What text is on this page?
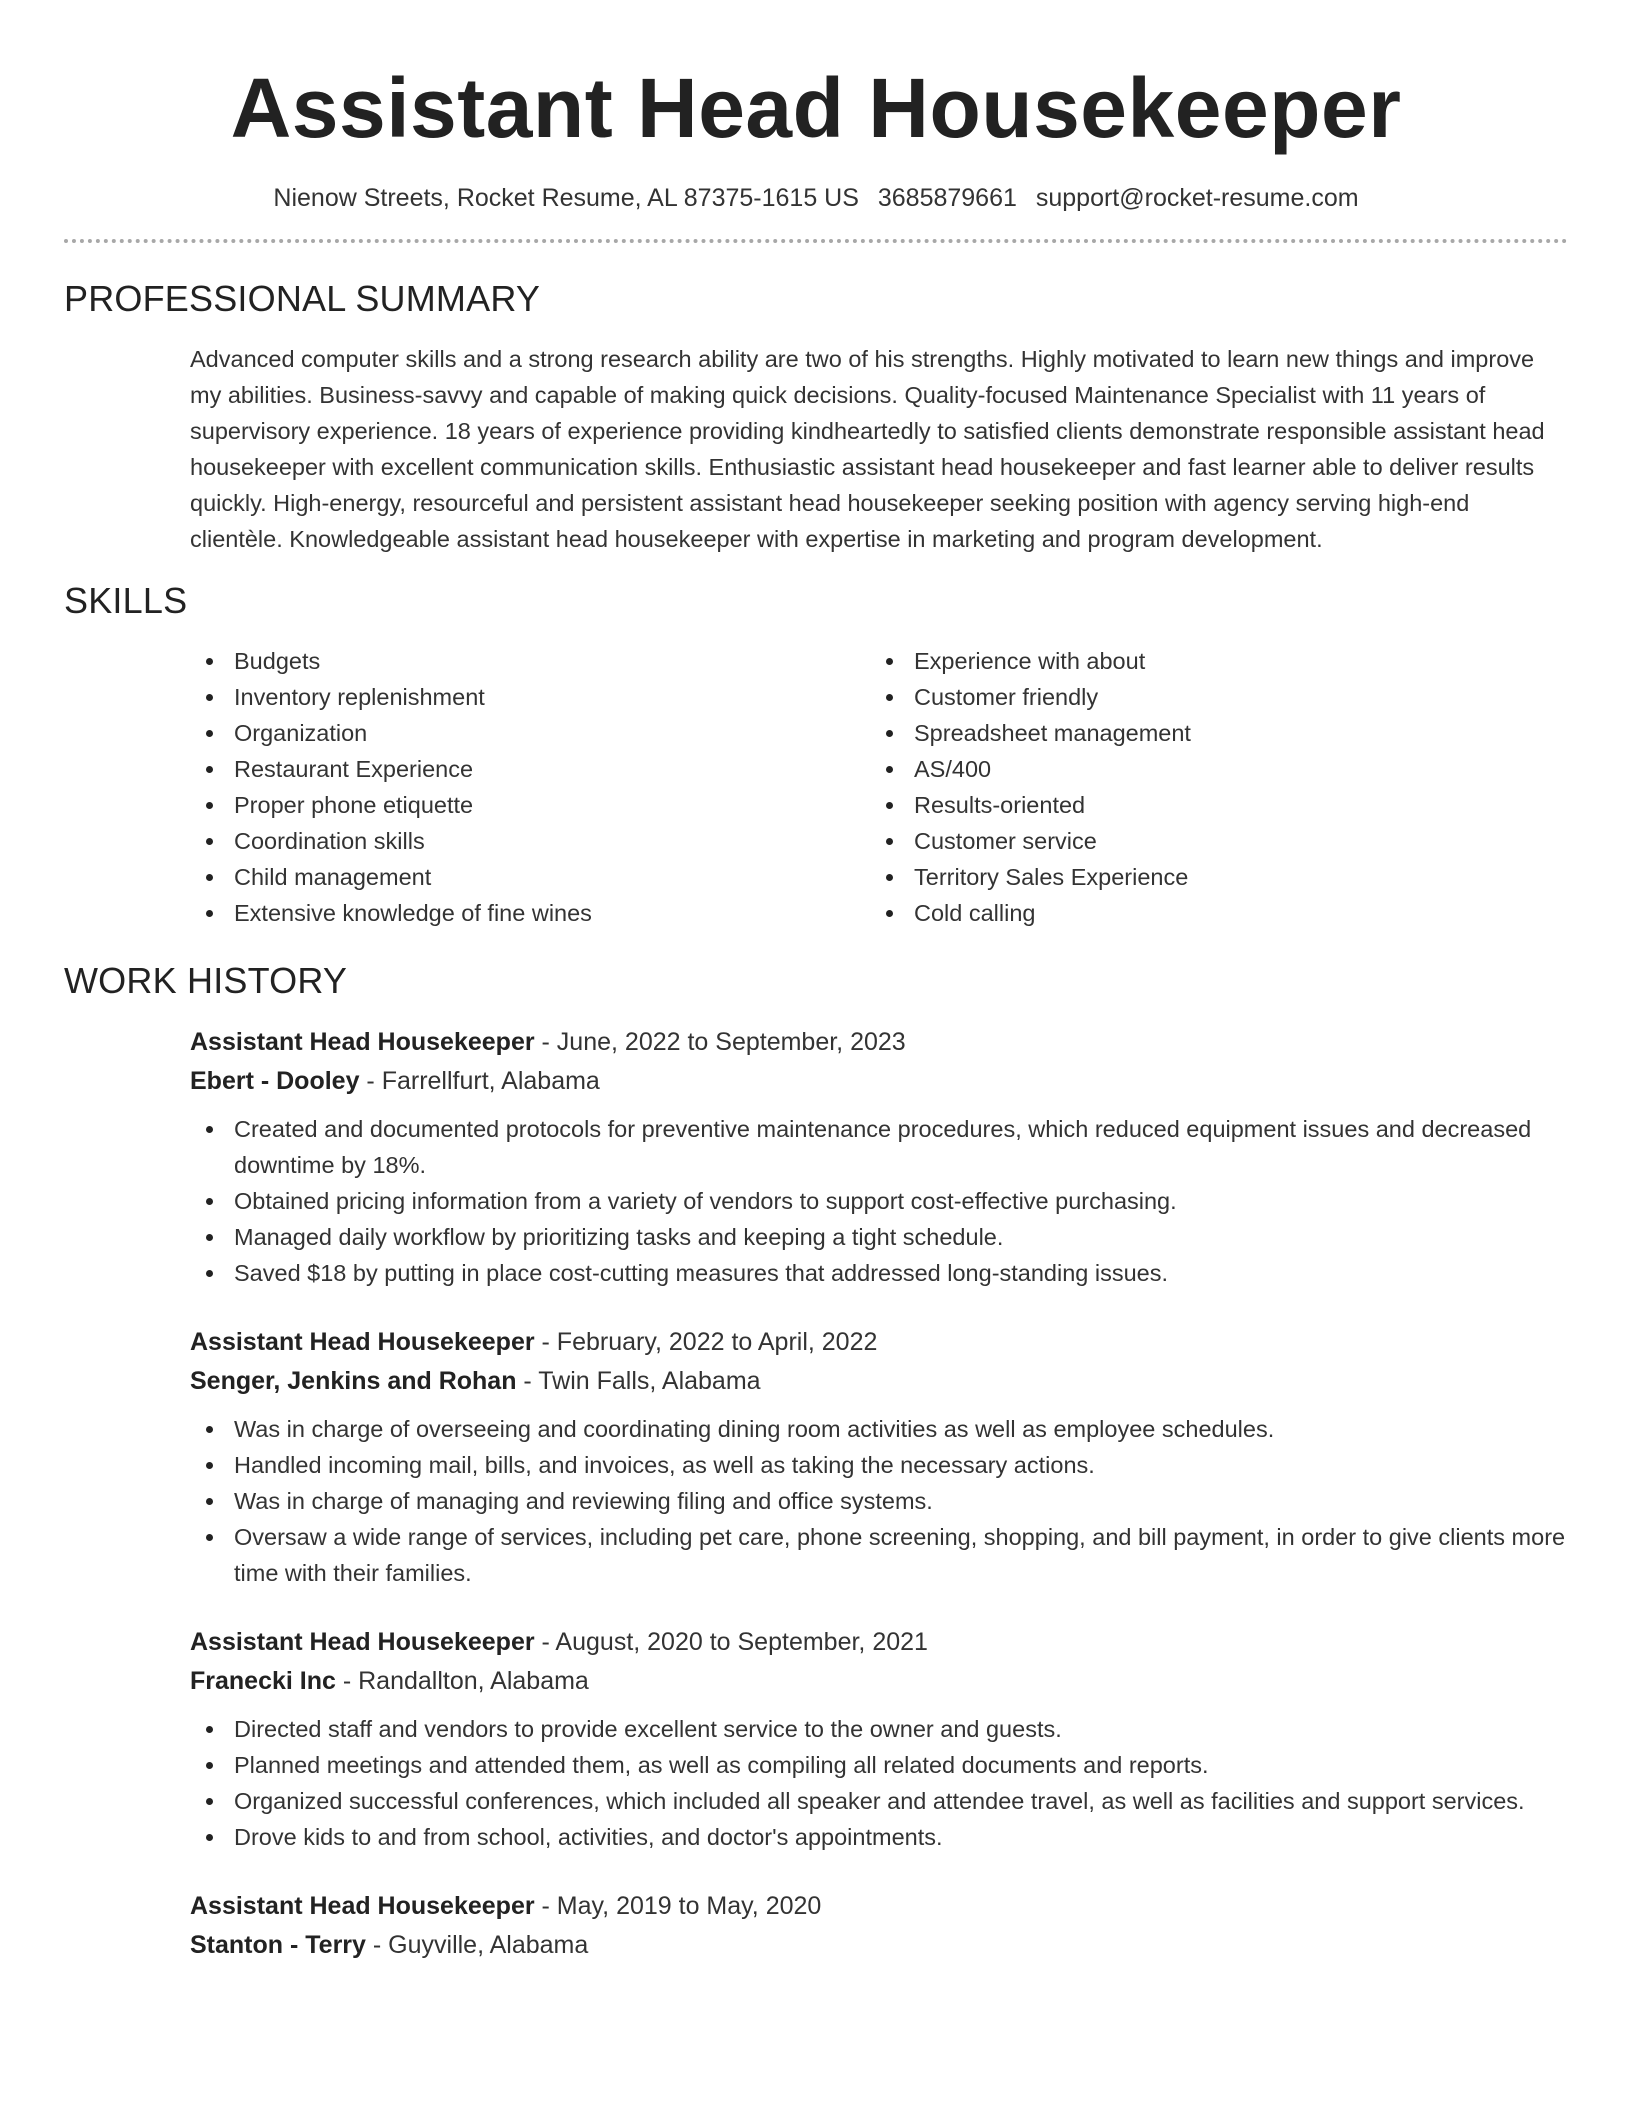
Assistant Head Housekeeper
Nienow Streets, Rocket Resume, AL 87375-1615 US 3685879661 support@rocket-resume.com
PROFESSIONAL SUMMARY

Advanced computer skills and a strong research ability are two of his strengths. Highly motivated to learn new things and improve my abilities. Business-savvy and capable of making quick decisions. Quality-focused Maintenance Specialist with 11 years of supervisory experience. 18 years of experience providing kindheartedly to satisfied clients demonstrate responsible assistant head housekeeper with excellent communication skills. Enthusiastic assistant head housekeeper and fast learner able to deliver results quickly. High-energy, resourceful and persistent assistant head housekeeper seeking position with agency serving high-end clientèle. Knowledgeable assistant head housekeeper with expertise in marketing and program development.

SKILLS
Budgets
Inventory replenishment
Organization
Restaurant Experience
Proper phone etiquette
Coordination skills
Child management
Extensive knowledge of fine wines
Experience with about
Customer friendly
Spreadsheet management
AS/400
Results-oriented
Customer service
Territory Sales Experience
Cold calling
WORK HISTORY
Assistant Head Housekeeper - June, 2022 to September, 2023
Ebert - Dooley - Farrellfurt, Alabama
Created and documented protocols for preventive maintenance procedures, which reduced equipment issues and decreased downtime by 18%.
Obtained pricing information from a variety of vendors to support cost-effective purchasing.
Managed daily workflow by prioritizing tasks and keeping a tight schedule.
Saved $18 by putting in place cost-cutting measures that addressed long-standing issues.
Assistant Head Housekeeper - February, 2022 to April, 2022
Senger, Jenkins and Rohan - Twin Falls, Alabama
Was in charge of overseeing and coordinating dining room activities as well as employee schedules.
Handled incoming mail, bills, and invoices, as well as taking the necessary actions.
Was in charge of managing and reviewing filing and office systems.
Oversaw a wide range of services, including pet care, phone screening, shopping, and bill payment, in order to give clients more time with their families.
Assistant Head Housekeeper - August, 2020 to September, 2021
Franecki Inc - Randallton, Alabama
Directed staff and vendors to provide excellent service to the owner and guests.
Planned meetings and attended them, as well as compiling all related documents and reports.
Organized successful conferences, which included all speaker and attendee travel, as well as facilities and support services.
Drove kids to and from school, activities, and doctor's appointments.
Assistant Head Housekeeper - May, 2019 to May, 2020
Stanton - Terry - Guyville, Alabama
